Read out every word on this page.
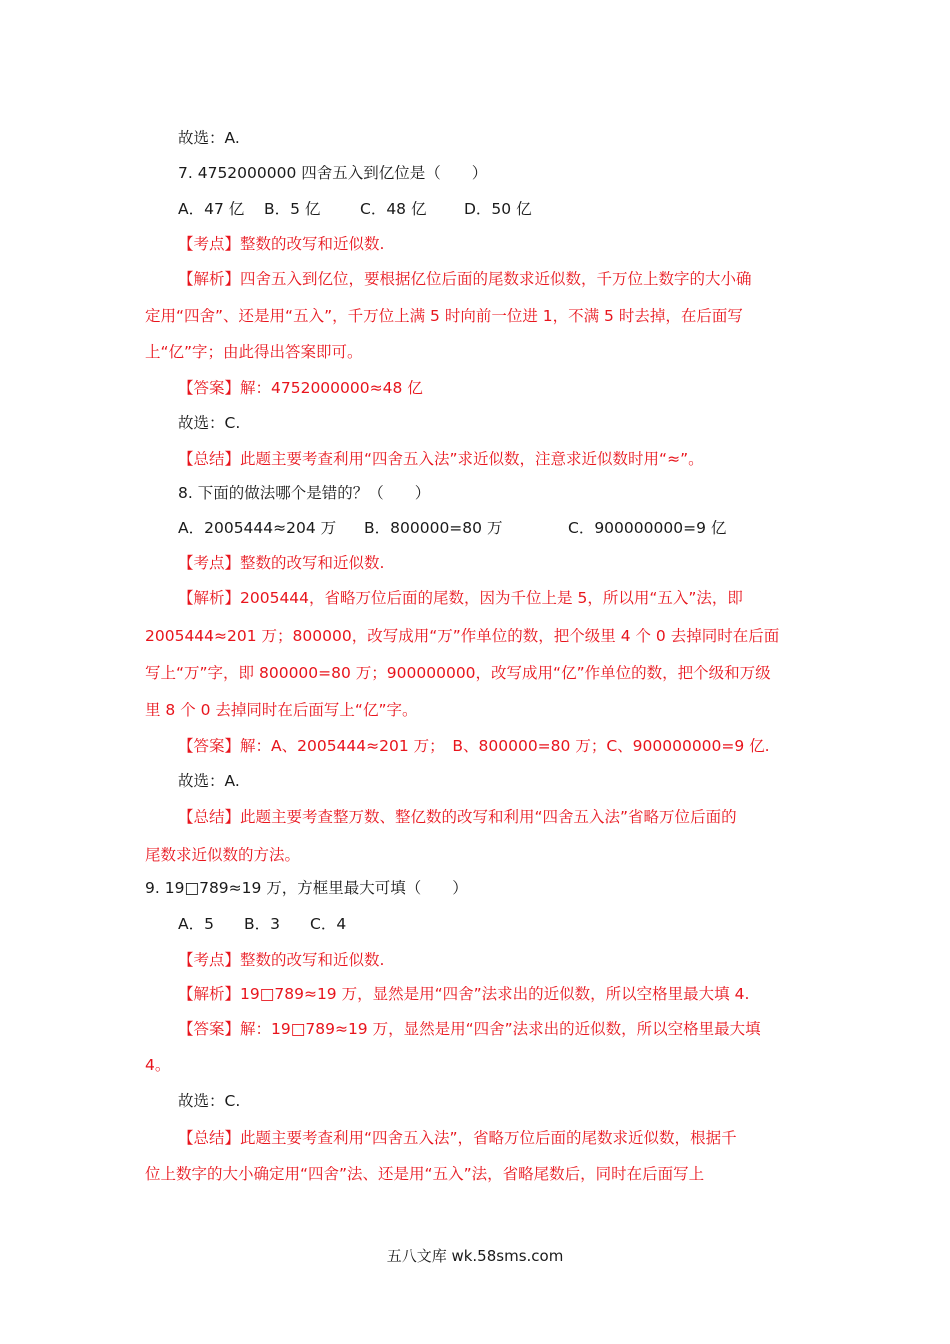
故选：A.
7. 4752000000 四舍五入到亿位是（　　）
A．47 亿 B．5 亿	C．48 亿 D．50 亿
【考点】整数的改写和近似数.
【解析】四舍五入到亿位，要根据亿位后面的尾数求近似数，千万位上数字的大小确
定用“四舍”、还是用“五入”，千万位上满 5 时向前一位进 1，不满 5 时去掉，在后面写
上“亿”字；由此得出答案即可。
【答案】解：4752000000≈48 亿
故选：C.
【总结】此题主要考查利用“四舍五入法”求近似数，注意求近似数时用“≈”。
8. 下面的做法哪个是错的？（　　）
A．2005444≈204 万 B．800000=80 万	C．900000000=9 亿
【考点】整数的改写和近似数.
【解析】2005444，省略万位后面的尾数，因为千位上是 5，所以用“五入”法，即
2005444≈201 万；800000，改写成用“万”作单位的数，把个级里 4 个 0 去掉同时在后面
写上“万”字，即 800000=80 万；900000000，改写成用“亿”作单位的数，把个级和万级
里 8 个 0 去掉同时在后面写上“亿”字。
【答案】解：A、2005444≈201 万；　B、800000=80 万；C、900000000=9 亿.
故选：A.
【总结】此题主要考查整万数、整亿数的改写和利用“四舍五入法”省略万位后面的
尾数求近似数的方法。
9. 19□789≈19 万，方框里最大可填（　　）
A．5 B．3 C．4
【考点】整数的改写和近似数.
【解析】19□789≈19 万，显然是用“四舍”法求出的近似数，所以空格里最大填 4.
【答案】解：19□789≈19 万，显然是用“四舍”法求出的近似数，所以空格里最大填
4。
故选：C.
【总结】此题主要考查利用“四舍五入法”，省略万位后面的尾数求近似数，根据千
位上数字的大小确定用“四舍”法、还是用“五入”法，省略尾数后，同时在后面写上
五八文库 wk.58sms.com
